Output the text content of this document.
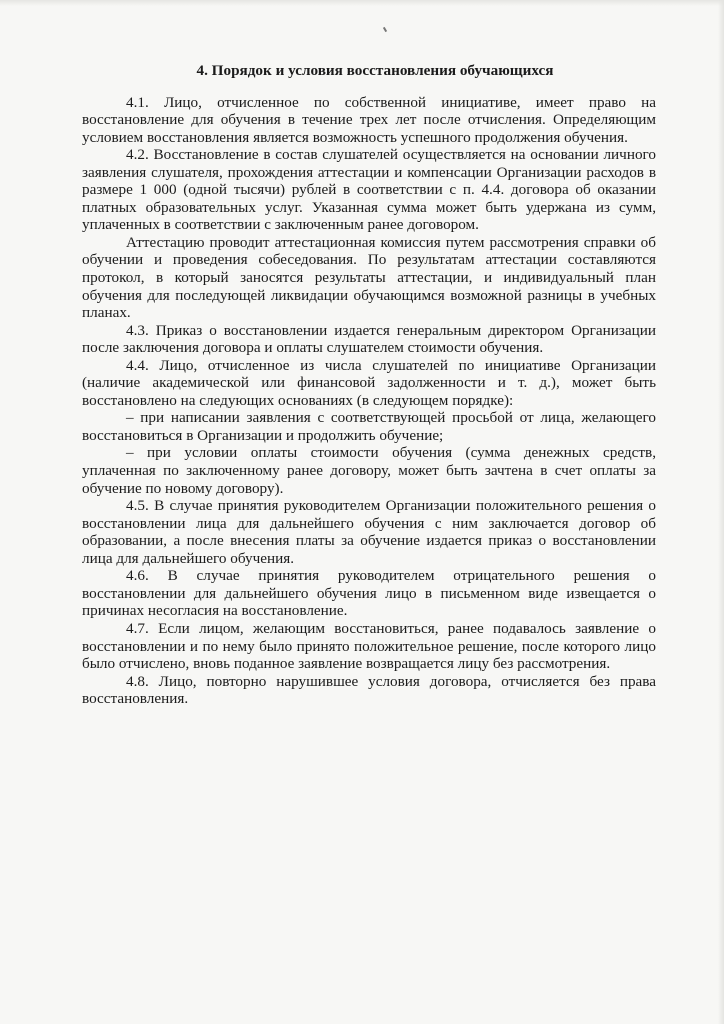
4. Порядок и условия восстановления обучающихся

4.1. Лицо, отчисленное по собственной инициативе, имеет право на восстановление для обучения в течение трех лет после отчисления. Определяющим условием восстановления является возможность успешного продолжения обучения.

4.2. Восстановление в состав слушателей осуществляется на основании личного заявления слушателя, прохождения аттестации и компенсации Организации расходов в размере 1 000 (одной тысячи) рублей в соответствии с п. 4.4. договора об оказании платных образовательных услуг. Указанная сумма может быть удержана из сумм, уплаченных в соответствии с заключенным ранее договором.

Аттестацию проводит аттестационная комиссия путем рассмотрения справки об обучении и проведения собеседования. По результатам аттестации составляются протокол, в который заносятся результаты аттестации, и индивидуальный план обучения для последующей ликвидации обучающимся возможной разницы в учебных планах.

4.3. Приказ о восстановлении издается генеральным директором Организации после заключения договора и оплаты слушателем стоимости обучения.

4.4. Лицо, отчисленное из числа слушателей по инициативе Организации (наличие академической или финансовой задолженности и т. д.), может быть восстановлено на следующих основаниях (в следующем порядке):

– при написании заявления с соответствующей просьбой от лица, желающего восстановиться в Организации и продолжить обучение;

– при условии оплаты стоимости обучения (сумма денежных средств, уплаченная по заключенному ранее договору, может быть зачтена в счет оплаты за обучение по новому договору).

4.5. В случае принятия руководителем Организации положительного решения о восстановлении лица для дальнейшего обучения с ним заключается договор об образовании, а после внесения платы за обучение издается приказ о восстановлении лица для дальнейшего обучения.

4.6. В случае принятия руководителем отрицательного решения о восстановлении для дальнейшего обучения лицо в письменном виде извещается о причинах несогласия на восстановление.

4.7. Если лицом, желающим восстановиться, ранее подавалось заявление о восстановлении и по нему было принято положительное решение, после которого лицо было отчислено, вновь поданное заявление возвращается лицу без рассмотрения.

4.8. Лицо, повторно нарушившее условия договора, отчисляется без права восстановления.
